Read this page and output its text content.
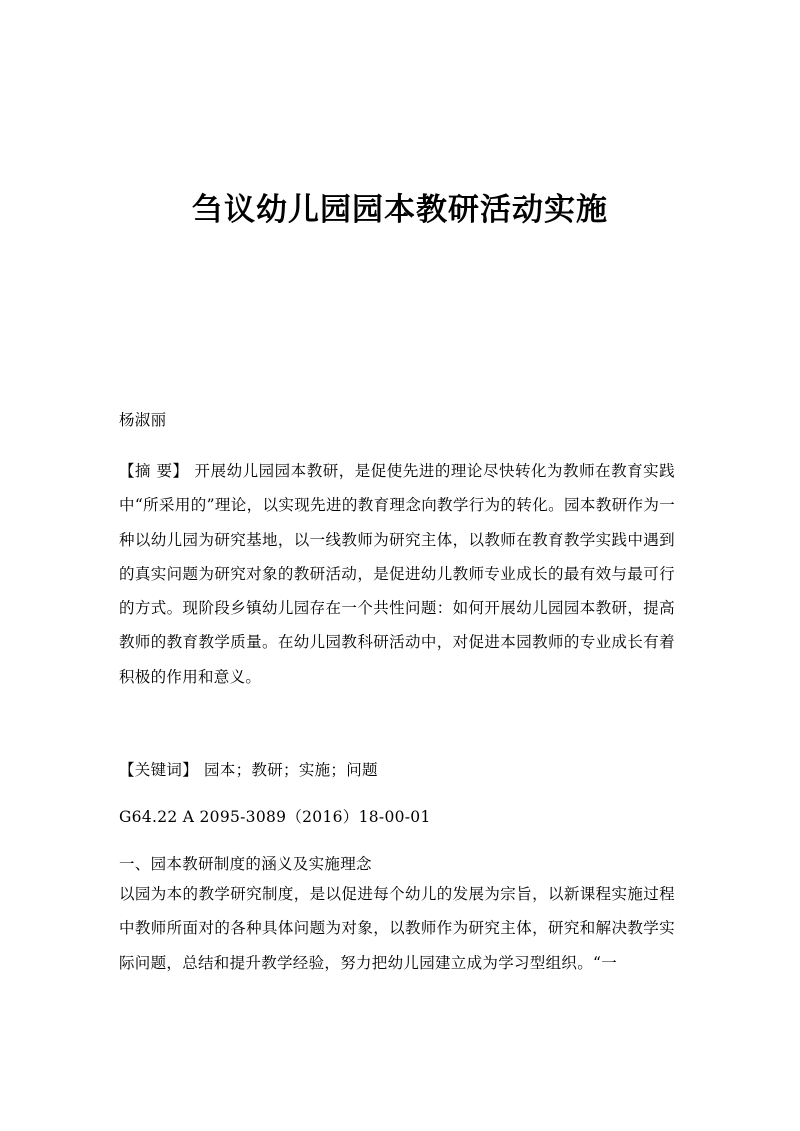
刍议幼儿园园本教研活动实施
杨淑丽
【摘 要】 开展幼儿园园本教研，是促使先进的理论尽快转化为教师在教育实践中“所采用的”理论，以实现先进的教育理念向教学行为的转化。园本教研作为一种以幼儿园为研究基地，以一线教师为研究主体，以教师在教育教学实践中遇到的真实问题为研究对象的教研活动，是促进幼儿教师专业成长的最有效与最可行的方式。现阶段乡镇幼儿园存在一个共性问题：如何开展幼儿园园本教研，提高教师的教育教学质量。在幼儿园教科研活动中，对促进本园教师的专业成长有着积极的作用和意义。
【关键词】 园本；教研；实施；问题
G64.22 A 2095-3089（2016）18-00-01
一、园本教研制度的涵义及实施理念
以园为本的教学研究制度，是以促进每个幼儿的发展为宗旨，以新课程实施过程中教师所面对的各种具体问题为对象，以教师作为研究主体，研究和解决教学实际问题，总结和提升教学经验，努力把幼儿园建立成为学习型组织。“一
